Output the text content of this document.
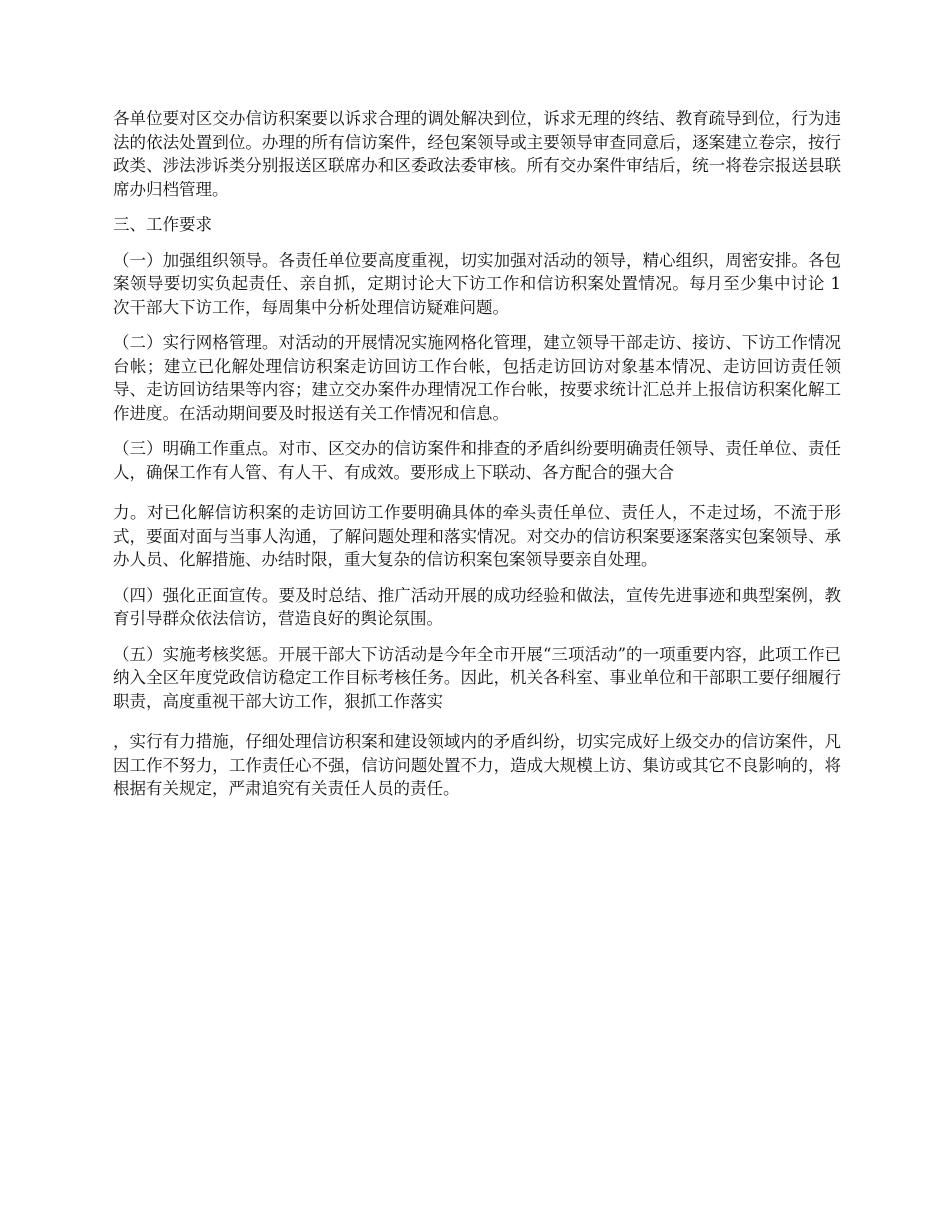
各单位要对区交办信访积案要以诉求合理的调处解决到位，诉求无理的终结、教育疏导到位，行为违法的依法处置到位。办理的所有信访案件，经包案领导或主要领导审查同意后，逐案建立卷宗，按行政类、涉法涉诉类分别报送区联席办和区委政法委审核。所有交办案件审结后，统一将卷宗报送县联席办归档管理。

三、工作要求

（一）加强组织领导。各责任单位要高度重视，切实加强对活动的领导，精心组织，周密安排。各包案领导要切实负起责任、亲自抓，定期讨论大下访工作和信访积案处置情况。每月至少集中讨论 1 次干部大下访工作，每周集中分析处理信访疑难问题。

（二）实行网格管理。对活动的开展情况实施网格化管理，建立领导干部走访、接访、下访工作情况台帐；建立已化解处理信访积案走访回访工作台帐，包括走访回访对象基本情况、走访回访责任领导、走访回访结果等内容；建立交办案件办理情况工作台帐，按要求统计汇总并上报信访积案化解工作进度。在活动期间要及时报送有关工作情况和信息。

（三）明确工作重点。对市、区交办的信访案件和排查的矛盾纠纷要明确责任领导、责任单位、责任人，确保工作有人管、有人干、有成效。要形成上下联动、各方配合的强大合

力。对已化解信访积案的走访回访工作要明确具体的牵头责任单位、责任人，不走过场，不流于形式，要面对面与当事人沟通，了解问题处理和落实情况。对交办的信访积案要逐案落实包案领导、承办人员、化解措施、办结时限，重大复杂的信访积案包案领导要亲自处理。

（四）强化正面宣传。要及时总结、推广活动开展的成功经验和做法，宣传先进事迹和典型案例，教育引导群众依法信访，营造良好的舆论氛围。

（五）实施考核奖惩。开展干部大下访活动是今年全市开展“三项活动”的一项重要内容，此项工作已纳入全区年度党政信访稳定工作目标考核任务。因此，机关各科室、事业单位和干部职工要仔细履行职责，高度重视干部大访工作，狠抓工作落实

，实行有力措施，仔细处理信访积案和建设领域内的矛盾纠纷，切实完成好上级交办的信访案件，凡因工作不努力，工作责任心不强，信访问题处置不力，造成大规模上访、集访或其它不良影响的，将根据有关规定，严肃追究有关责任人员的责任。
